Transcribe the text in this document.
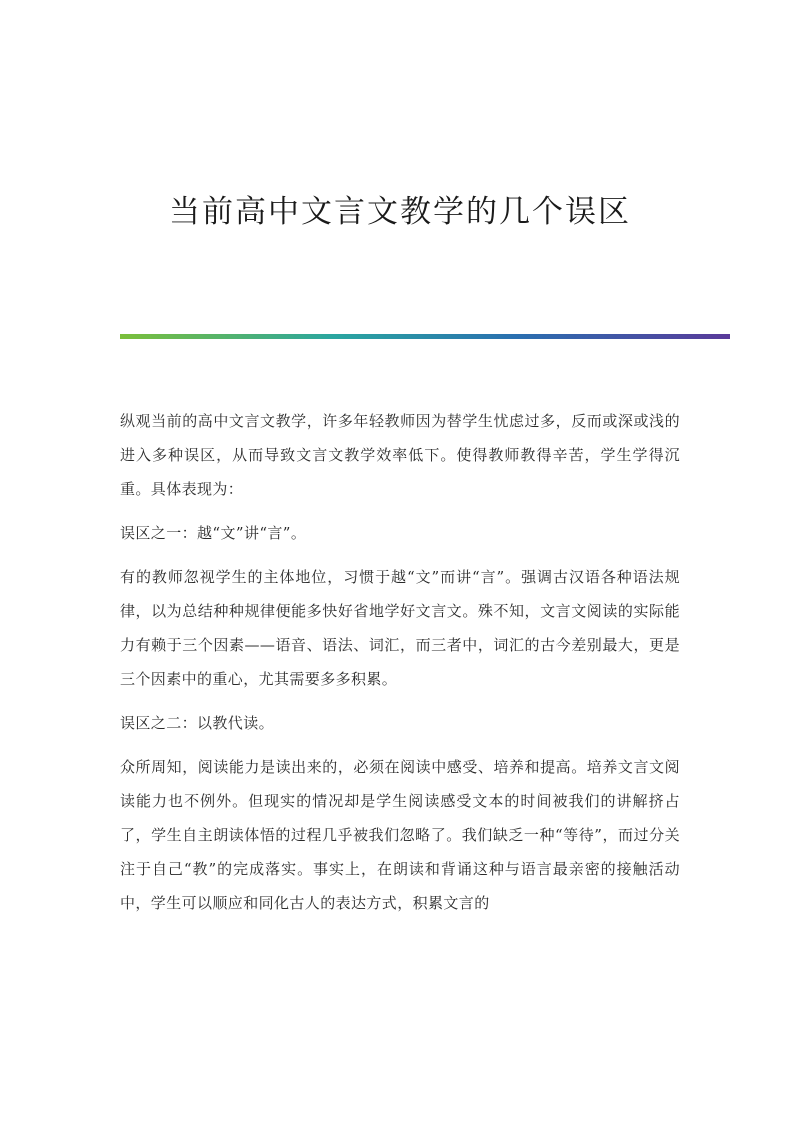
当前高中文言文教学的几个误区

纵观当前的高中文言文教学，许多年轻教师因为替学生忧虑过多，反而或深或浅的进入多种误区，从而导致文言文教学效率低下。使得教师教得辛苦，学生学得沉重。具体表现为：

误区之一：越“文”讲“言”。

有的教师忽视学生的主体地位，习惯于越“文”而讲“言”。强调古汉语各种语法规律，以为总结种种规律便能多快好省地学好文言文。殊不知，文言文阅读的实际能力有赖于三个因素——语音、语法、词汇，而三者中，词汇的古今差别最大，更是三个因素中的重心，尤其需要多多积累。

误区之二：以教代读。

众所周知，阅读能力是读出来的，必须在阅读中感受、培养和提高。培养文言文阅读能力也不例外。但现实的情况却是学生阅读感受文本的时间被我们的讲解挤占了，学生自主朗读体悟的过程几乎被我们忽略了。我们缺乏一种“等待”，而过分关注于自己“教”的完成落实。事实上，在朗读和背诵这种与语言最亲密的接触活动中，学生可以顺应和同化古人的表达方式，积累文言的
